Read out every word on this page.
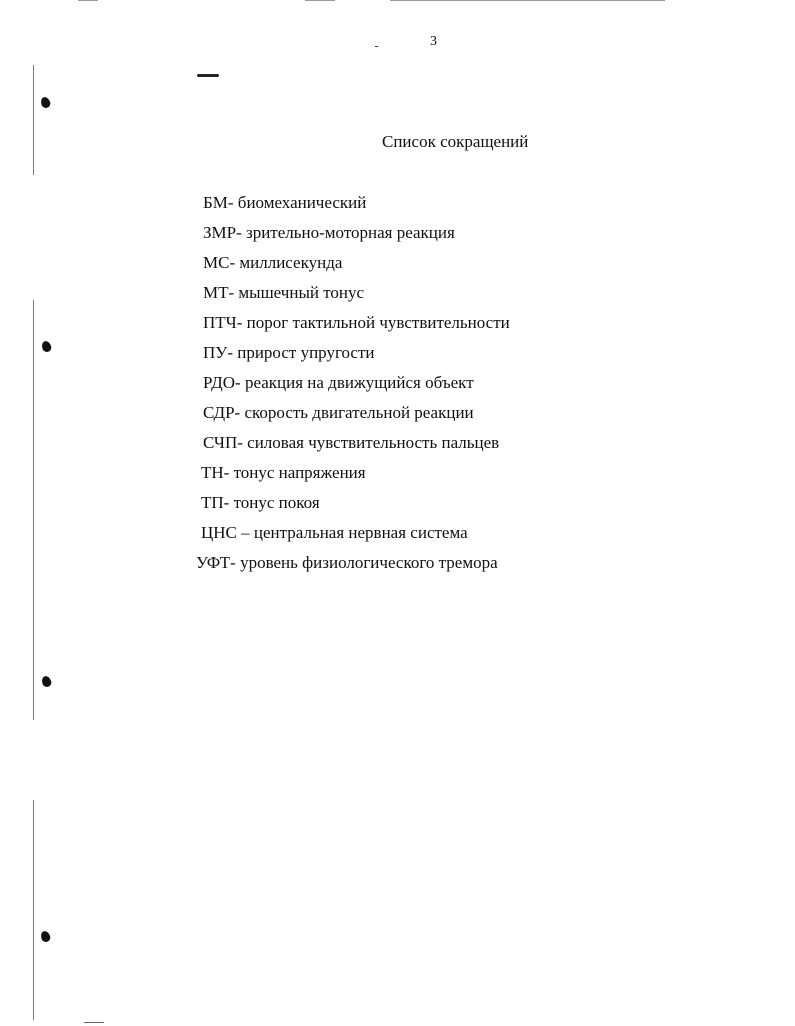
3
Список сокращений
БМ- биомеханический
ЗМР- зрительно-моторная реакция
МС- миллисекунда
МТ- мышечный тонус
ПТЧ- порог тактильной чувствительности
ПУ- прирост упругости
РДО- реакция на движущийся объект
СДР- скорость двигательной реакции
СЧП- силовая чувствительность пальцев
ТН- тонус напряжения
ТП- тонус покоя
ЦНС – центральная нервная система
УФТ- уровень физиологического тремора
